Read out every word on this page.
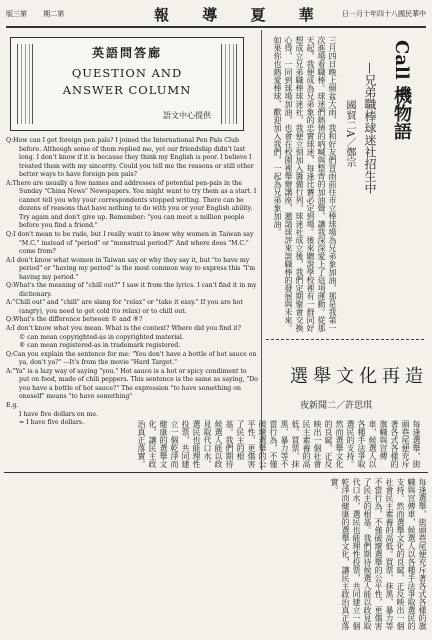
版三第 期二第	報 導 夏 華 日一月十年四十八國民華中
英語問答廊
QUESTION AND
ANSWER COLUMN
語文中心提供

Q:How can I get foreign pen pals? I joined the International Pen Pals Club before. Although some of them replied me, yet our friendship didn't last long. I don't know if it is because they think my English is poor. I believe I treated them with my sincerity. Could you tell me the reasons or still other better ways to have foreign pen pals?

A:There are usually a few names and addresses of potential pen-pals in the Sunday "China News" Newspapers. You might want to try them as a start. I cannot tell you why your correspondents stopped writing. There can be dozens of reasons that have nothing to do with you or your English ability. Try again and don't give up. Remember: "you can meet a million people before you find a friend."

Q:I don't mean to be rude, but I really want to know why women in Taiwan say "M.C." instead of "period" or "menstrual period?" And where does "M.C." come from?

A:I don't know what women in Taiwan say or why they say it, but "to have my period" or "having my period" is the most common way to express this "I'm having my period."

Q:What's the meaning of "chill out?" I saw it from the lyrics. I can't find it in my dictionary.

A:"Chill out" and "chill" are slang for "relax" or "take it easy." If you are hot (angry), you need to get cold (to relax) or to chill out.

Q:What's the difference between © and ®?

A:I don't know what you mean. What is the context? Where did you find it?

© can mean copyrighted-as in copyrighted material.

® can mean registered-as in trademark registered.

Q:Can you explain the sentence for me: "You don't have a bottle of hot sauce on ya, don't ya?" ---It's from the movie "Hard Target."

A:"Ya" is a lazy way of saying "you." Hot sauce is a hot or spicy condiment to put on food, made of chili peppers. This sentence is the same as saying, "Do you have a bottle of hot sauce?" The expression "to have something on oneself" means "to have something"

E.g.

I have five dollars on me.

= I have five dollars.

Call 機物語
—兄弟職棒球迷社招生中
國貿二A／鄭宗
三月四日晚上傾盆大雨，我和好友們冒雨前往市立棒球場為兄弟象加油，那是我第一次進場看職棒。球迷們熱情的吶喊與整齊的加油聲，讓我深深愛上了這項運動。從那天起，我便成為兄弟象的忠實球迷，每逢比賽必定到場。後來聽說學校裡有一群同好想成立兄弟職棒球迷社，我便立刻加入籌備行列。球迷社成立後，我們定期聚會交換心得，一同到球場加油，也會在校園裡舉辦講座，邀請球評來談職棒的發展與未來。如果你也熱愛棒球，歡迎加入我們，一起為兄弟象加油。
選舉文化再造
夜新聞二／許思琪
每逢選舉，街頭巷尾便充斥著各式各樣的旗幟與宣傳車，候選人以各種手法爭取選民的支持。然而選舉文化的良窳，正反映出一個社會民主素養的高低。買票、抹黑、暴力等不當行為，不僅破壞選舉的公平性，更傷害了民主的根基。我們期待候選人能以政見取代口水，選民也能理性投票，共同建立一個乾淨而健康的選舉文化，讓民主政治真正落實。
每逢選舉，街頭巷尾便充斥著各式各樣的旗幟與宣傳車，候選人以各種手法爭取選民的支持。然而選舉文化的良窳，正反映出一個社會民主素養的高低。買票、抹黑、暴力等不當行為，不僅破壞選舉的公平性，更傷害了民主的根基。我們期待候選人能以政見取代口水，選民也能理性投票，共同建立一個乾淨而健康的選舉文化，讓民主政治真正落實。
